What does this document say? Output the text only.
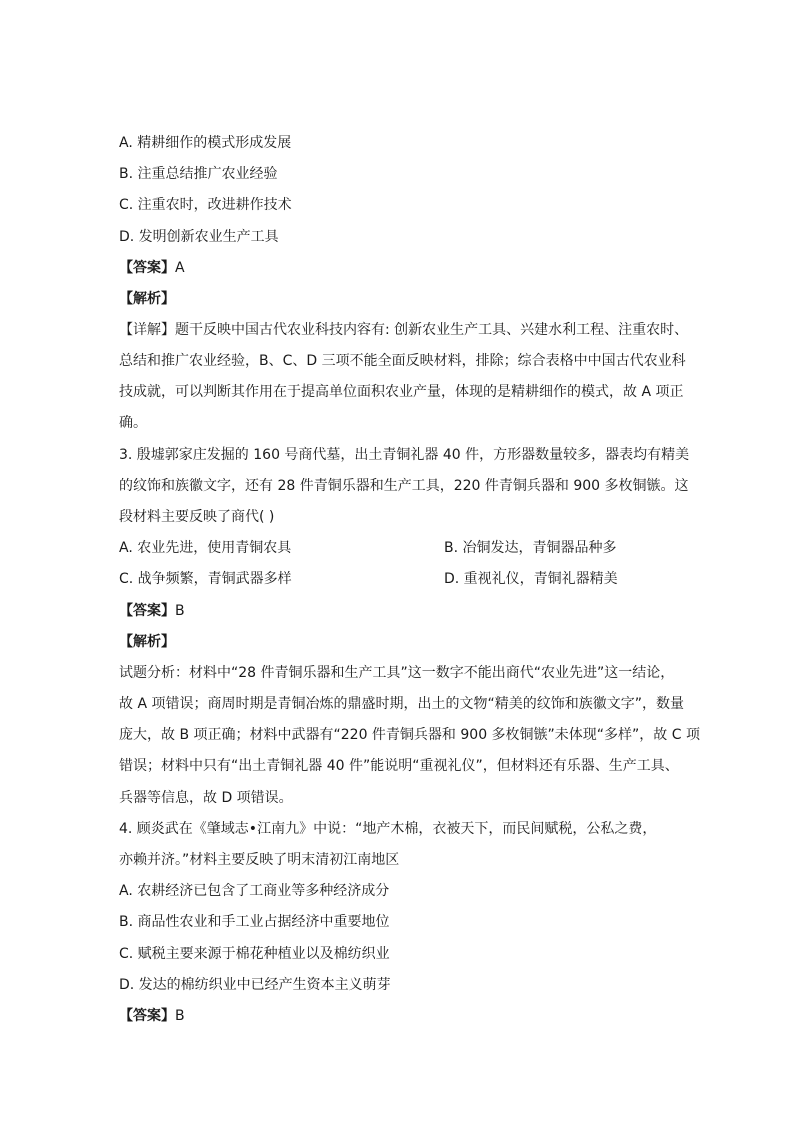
A. 精耕细作的模式形成发展
B. 注重总结推广农业经验
C. 注重农时，改进耕作技术
D. 发明创新农业生产工具
【答案】A
【解析】
【详解】题干反映中国古代农业科技内容有: 创新农业生产工具、兴建水利工程、注重农时、
总结和推广农业经验，B、C、D 三项不能全面反映材料，排除；综合表格中中国古代农业科
技成就，可以判断其作用在于提高单位面积农业产量，体现的是精耕细作的模式，故 A 项正
确。
3. 殷墟郭家庄发掘的 160 号商代墓，出土青铜礼器 40 件，方形器数量较多，器表均有精美
的纹饰和族徽文字，还有 28 件青铜乐器和生产工具，220 件青铜兵器和 900 多枚铜镞。这
段材料主要反映了商代( )
A. 农业先进，使用青铜农具	B. 冶铜发达，青铜器品种多
C. 战争频繁，青铜武器多样	D. 重视礼仪，青铜礼器精美
【答案】B
【解析】
试题分析：材料中“28 件青铜乐器和生产工具”这一数字不能出商代“农业先进”这一结论，
故 A 项错误；商周时期是青铜冶炼的鼎盛时期，出土的文物“精美的纹饰和族徽文字”，数量
庞大，故 B 项正确；材料中武器有“220 件青铜兵器和 900 多枚铜镞”未体现“多样”，故 C 项
错误；材料中只有“出土青铜礼器 40 件”能说明“重视礼仪”，但材料还有乐器、生产工具、
兵器等信息，故 D 项错误。
4. 顾炎武在《肇域志•江南九》中说：“地产木棉，衣被天下，而民间赋税，公私之费，
亦赖并济。”材料主要反映了明末清初江南地区
A. 农耕经济已包含了工商业等多种经济成分
B. 商品性农业和手工业占据经济中重要地位
C. 赋税主要来源于棉花种植业以及棉纺织业
D. 发达的棉纺织业中已经产生资本主义萌芽
【答案】B
